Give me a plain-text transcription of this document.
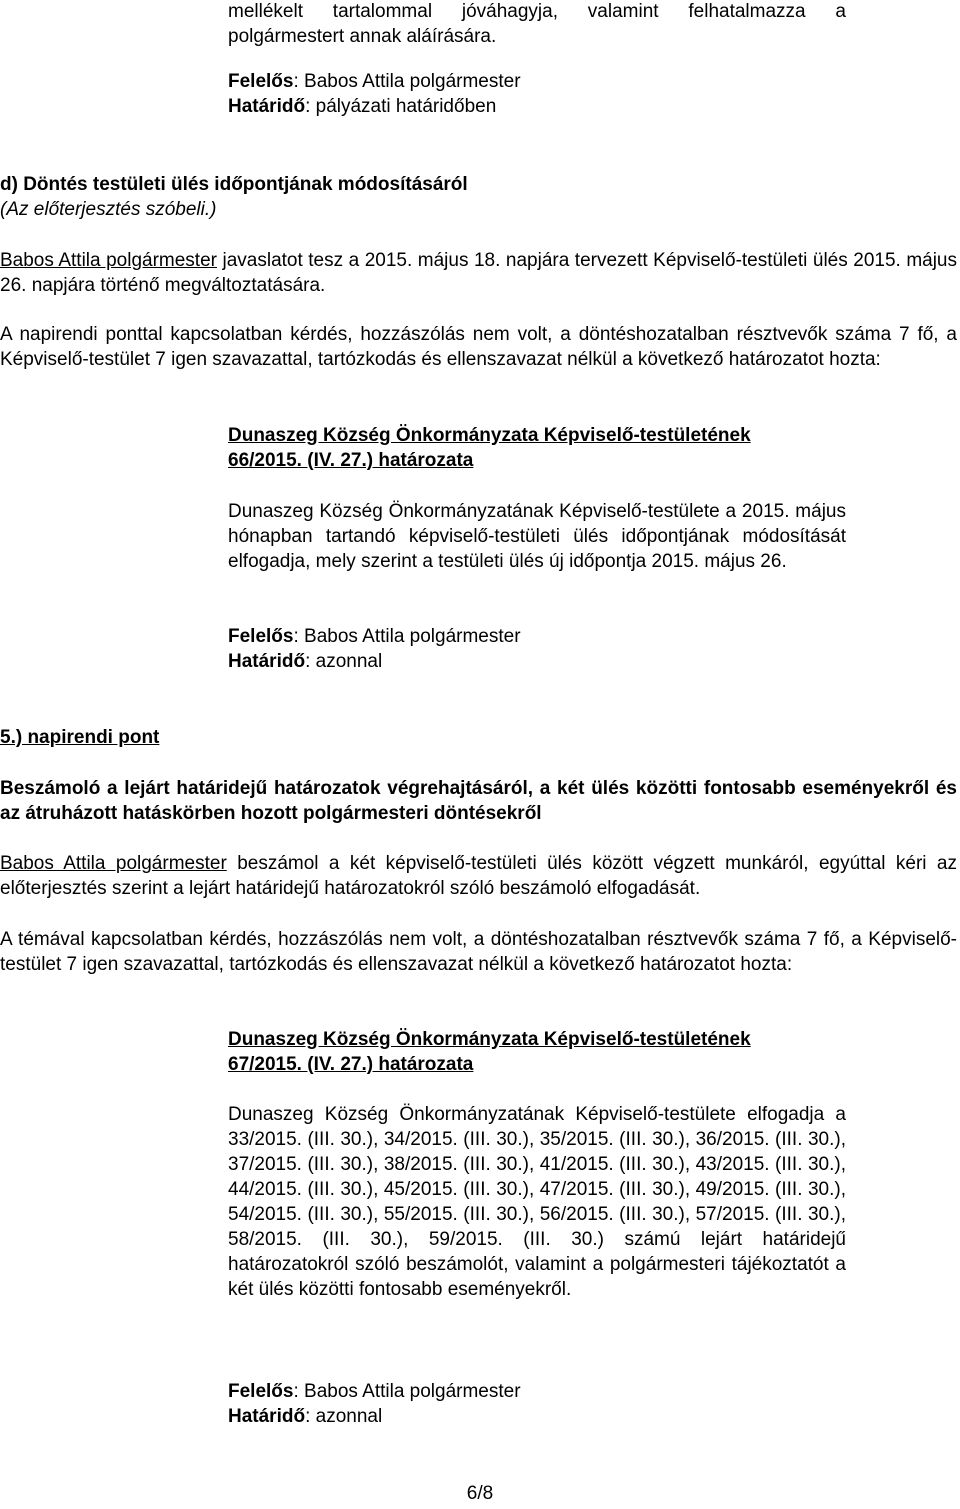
mellékelt tartalommal jóváhagyja, valamint felhatalmazza a
polgármestert annak aláírására.

Felelős: Babos Attila polgármester

Határidő: pályázati határidőben

d) Döntés testületi ülés időpontjának módosításáról

(Az előterjesztés szóbeli.)

Babos Attila polgármester javaslatot tesz a 2015. május 18. napjára tervezett Képviselő-testületi ülés 2015. május 26. napjára történő megváltoztatására.

A napirendi ponttal kapcsolatban kérdés, hozzászólás nem volt, a döntéshozatalban résztvevők száma 7 fő, a Képviselő-testület 7 igen szavazattal, tartózkodás és ellenszavazat nélkül a következő határozatot hozta:

Dunaszeg Község Önkormányzata Képviselő-testületének
66/2015. (IV. 27.) határozata

Dunaszeg Község Önkormányzatának Képviselő-testülete a 2015. május hónapban tartandó képviselő-testületi ülés időpontjának módosítását elfogadja, mely szerint a testületi ülés új időpontja 2015. május 26.

Felelős: Babos Attila polgármester

Határidő: azonnal

5.) napirendi pont

Beszámoló a lejárt határidejű határozatok végrehajtásáról, a két ülés közötti fontosabb eseményekről és az átruházott hatáskörben hozott polgármesteri döntésekről

Babos Attila polgármester beszámol a két képviselő-testületi ülés között végzett munkáról, egyúttal kéri az előterjesztés szerint a lejárt határidejű határozatokról szóló beszámoló elfogadását.

A témával kapcsolatban kérdés, hozzászólás nem volt, a döntéshozatalban résztvevők száma 7 fő, a Képviselő-testület 7 igen szavazattal, tartózkodás és ellenszavazat nélkül a következő határozatot hozta:

Dunaszeg Község Önkormányzata Képviselő-testületének
67/2015. (IV. 27.) határozata

Dunaszeg Község Önkormányzatának Képviselő-testülete elfogadja a 33/2015. (III. 30.), 34/2015. (III. 30.), 35/2015. (III. 30.), 36/2015. (III. 30.), 37/2015. (III. 30.), 38/2015. (III. 30.), 41/2015. (III. 30.), 43/2015. (III. 30.), 44/2015. (III. 30.), 45/2015. (III. 30.), 47/2015. (III. 30.), 49/2015. (III. 30.), 54/2015. (III. 30.), 55/2015. (III. 30.), 56/2015. (III. 30.), 57/2015. (III. 30.), 58/2015. (III. 30.), 59/2015. (III. 30.) számú lejárt határidejű határozatokról szóló beszámolót, valamint a polgármesteri tájékoztatót a két ülés közötti fontosabb eseményekről.

Felelős: Babos Attila polgármester

Határidő: azonnal

6/8
